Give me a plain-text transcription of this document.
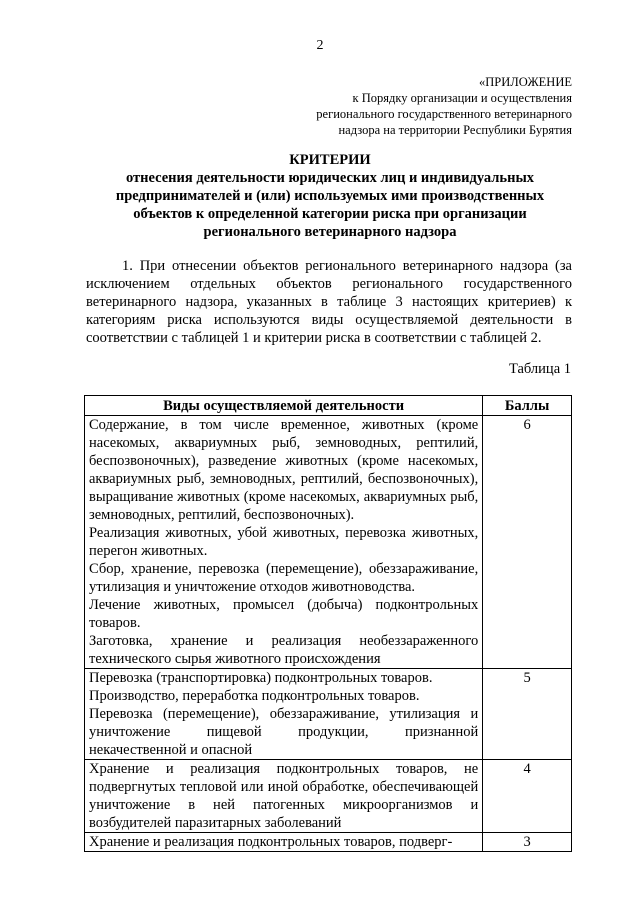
2
«ПРИЛОЖЕНИЕ
к Порядку организации и осуществления
регионального государственного ветеринарного
надзора на территории Республики Бурятия
КРИТЕРИИ
отнесения деятельности юридических лиц и индивидуальных предпринимателей и (или) используемых ими производственных объектов к определенной категории риска при организации регионального ветеринарного надзора

1. При отнесении объектов регионального ветеринарного надзора (за исключением отдельных объектов регионального государственного ветеринарного надзора, указанных в таблице 3 настоящих критериев) к категориям риска используются виды осуществляемой деятельности в соответствии с таблицей 1 и критерии риска в соответствии с таблицей 2.

Таблица 1
Виды осуществляемой деятельности	Баллы

Содержание, в том числе временное, животных (кроме насекомых, аквариумных рыб, земноводных, рептилий, беспозвоночных), разведение животных (кроме насекомых, аквариумных рыб, земноводных, рептилий, беспозвоночных), выращивание животных (кроме насекомых, аквариумных рыб, земноводных, рептилий, беспозвоночных).

Реализация животных, убой животных, перевозка животных, перегон животных.

Сбор, хранение, перевозка (перемещение), обеззараживание, утилизация и уничтожение отходов животноводства.

Лечение животных, промысел (добыча) подконтрольных товаров.

Заготовка, хранение и реализация необеззараженного технического сырья животного происхождения	6

Перевозка (транспортировка) подконтрольных товаров.

Производство, переработка подконтрольных товаров.

Перевозка (перемещение), обеззараживание, утилизация и уничтожение пищевой продукции, признанной некачественной и опасной	5

Хранение и реализация подконтрольных товаров, не подвергнутых тепловой или иной обработке, обеспечивающей уничтожение в ней патогенных микроорганизмов и возбудителей паразитарных заболеваний	4

Хранение и реализация подконтрольных товаров, подверг-	3
